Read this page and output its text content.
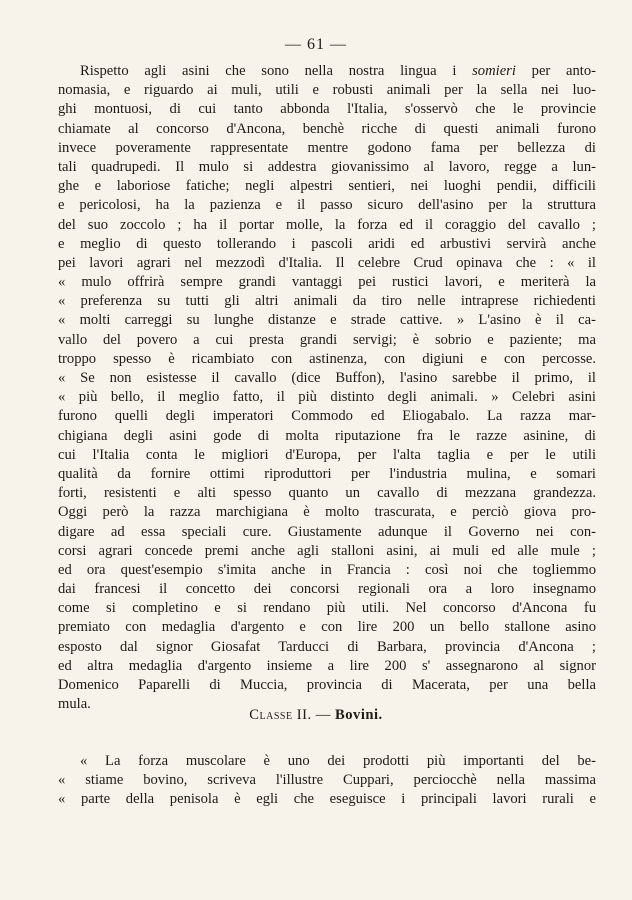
— 61 —
Rispetto agli asini che sono nella nostra lingua i somieri per anto-
nomasia, e riguardo ai muli, utili e robusti animali per la sella nei luo-
ghi montuosi, di cui tanto abbonda l'Italia, s'osservò che le provincie
chiamate al concorso d'Ancona, benchè ricche di questi animali furono
invece poveramente rappresentate mentre godono fama per bellezza di
tali quadrupedi. Il mulo si addestra giovanissimo al lavoro, regge a lun-
ghe e laboriose fatiche; negli alpestri sentieri, nei luoghi pendii, difficili
e pericolosi, ha la pazienza e il passo sicuro dell'asino per la struttura
del suo zoccolo ; ha il portar molle, la forza ed il coraggio del cavallo ;
e meglio di questo tollerando i pascoli aridi ed arbustivi servirà anche
pei lavori agrari nel mezzodì d'Italia. Il celebre Crud opinava che : « il
« mulo offrirà sempre grandi vantaggi pei rustici lavori, e meriterà la
« preferenza su tutti gli altri animali da tiro nelle intraprese richiedenti
« molti carreggi su lunghe distanze e strade cattive. » L'asino è il ca-
vallo del povero a cui presta grandi servigi; è sobrio e paziente; ma
troppo spesso è ricambiato con astinenza, con digiuni e con percosse.
« Se non esistesse il cavallo (dice Buffon), l'asino sarebbe il primo, il
« più bello, il meglio fatto, il più distinto degli animali. » Celebri asini
furono quelli degli imperatori Commodo ed Eliogabalo. La razza mar-
chigiana degli asini gode di molta riputazione fra le razze asinine, di
cui l'Italia conta le migliori d'Europa, per l'alta taglia e per le utili
qualità da fornire ottimi riproduttori per l'industria mulina, e somari
forti, resistenti e alti spesso quanto un cavallo di mezzana grandezza.
Oggi però la razza marchigiana è molto trascurata, e perciò giova pro-
digare ad essa speciali cure. Giustamente adunque il Governo nei con-
corsi agrari concede premi anche agli stalloni asini, ai muli ed alle mule ;
ed ora quest'esempio s'imita anche in Francia : così noi che togliemmo
dai francesi il concetto dei concorsi regionali ora a loro insegnamo
come si completino e si rendano più utili. Nel concorso d'Ancona fu
premiato con medaglia d'argento e con lire 200 un bello stallone asino
esposto dal signor Giosafat Tarducci di Barbara, provincia d'Ancona ;
ed altra medaglia d'argento insieme a lire 200 s' assegnarono al signor
Domenico Paparelli di Muccia, provincia di Macerata, per una bella
mula.
Classe II. — Bovini.
« La forza muscolare è uno dei prodotti più importanti del be-
« stiame bovino, scriveva l'illustre Cuppari, perciocchè nella massima
« parte della penisola è egli che eseguisce i principali lavori rurali e
